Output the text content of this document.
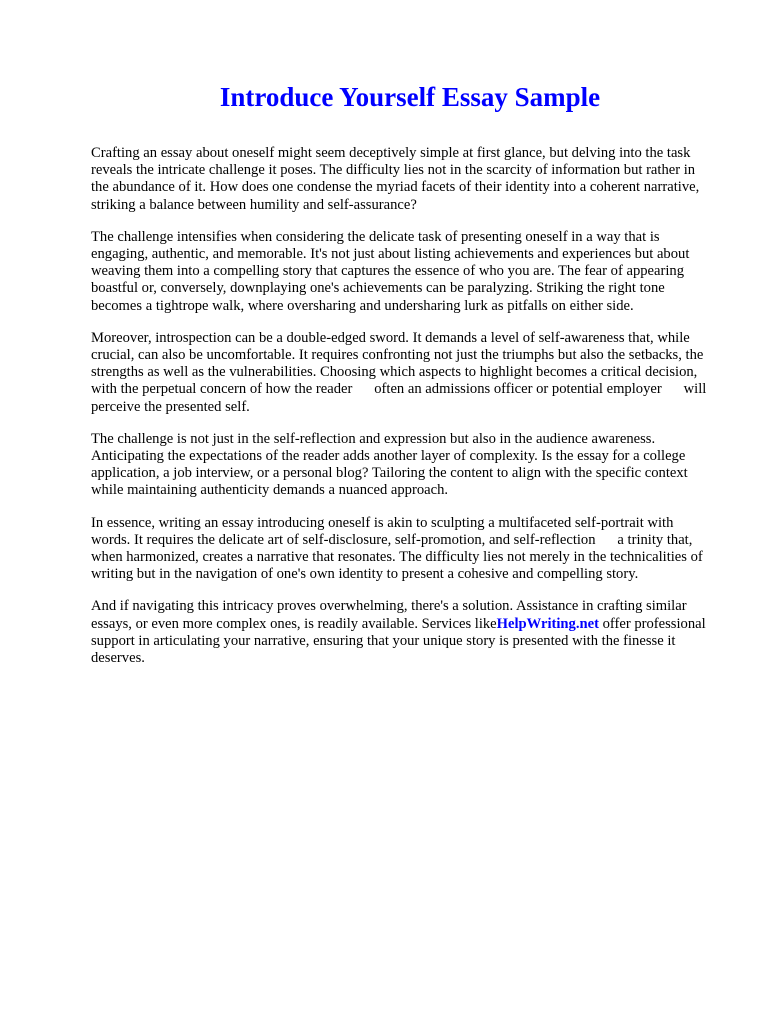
Introduce Yourself Essay Sample

Crafting an essay about oneself might seem deceptively simple at first glance, but delving into the task reveals the intricate challenge it poses. The difficulty lies not in the scarcity of information but rather in the abundance of it. How does one condense the myriad facets of their identity into a coherent narrative, striking a balance between humility and self-assurance?

The challenge intensifies when considering the delicate task of presenting oneself in a way that is engaging, authentic, and memorable. It's not just about listing achievements and experiences but about weaving them into a compelling story that captures the essence of who you are. The fear of appearing boastful or, conversely, downplaying one's achievements can be paralyzing. Striking the right tone becomes a tightrope walk, where oversharing and undersharing lurk as pitfalls on either side.

Moreover, introspection can be a double-edged sword. It demands a level of self-awareness that, while crucial, can also be uncomfortable. It requires confronting not just the triumphs but also the setbacks, the strengths as well as the vulnerabilities. Choosing which aspects to highlight becomes a critical decision, with the perpetual concern of how the reader   often an admissions officer or potential employer   will perceive the presented self.

The challenge is not just in the self-reflection and expression but also in the audience awareness. Anticipating the expectations of the reader adds another layer of complexity. Is the essay for a college application, a job interview, or a personal blog? Tailoring the content to align with the specific context while maintaining authenticity demands a nuanced approach.

In essence, writing an essay introducing oneself is akin to sculpting a multifaceted self-portrait with words. It requires the delicate art of self-disclosure, self-promotion, and self-reflection   a trinity that, when harmonized, creates a narrative that resonates. The difficulty lies not merely in the technicalities of writing but in the navigation of one's own identity to present a cohesive and compelling story.

And if navigating this intricacy proves overwhelming, there's a solution. Assistance in crafting similar essays, or even more complex ones, is readily available. Services likeHelpWriting.net offer professional support in articulating your narrative, ensuring that your unique story is presented with the finesse it deserves.
